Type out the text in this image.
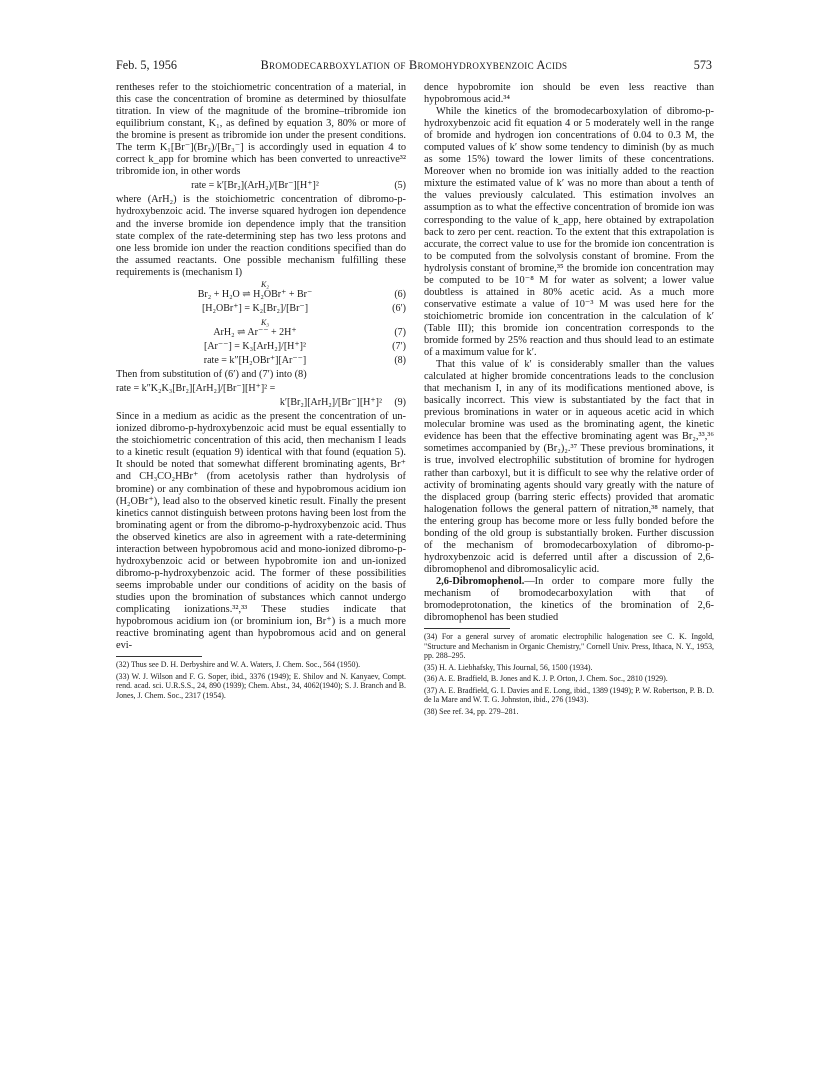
Feb. 5, 1956	Bromodecarboxylation of Bromohydroxybenzoic Acids	573

rentheses refer to the stoichiometric concentration of a material, in this case the concentration of bromine as determined by thiosulfate titration. In view of the magnitude of the bromine–tribromide ion equilibrium constant, K₁, as defined by equation 3, 80% or more of the bromine is present as tribromide ion under the present conditions. The term K₁[Br⁻](Br₂)/[Br₃⁻] is accordingly used in equation 4 to correct k_app for bromine which has been converted to unreactive³² tribromide ion, in other words

rate = k′[Br₂](ArH₂)/[Br⁻][H⁺]²	(5)

where (ArH₂) is the stoichiometric concentration of dibromo-p-hydroxybenzoic acid. The inverse squared hydrogen ion dependence and the inverse bromide ion dependence imply that the transition state complex of the rate-determining step has two less protons and one less bromide ion under the reaction conditions specified than do the assumed reactants. One possible mechanism fulfilling these requirements is (mechanism I)

K₂
Br₂ + H₂O ⇌ H₂OBr⁺ + Br⁻	(6)
[H₂OBr⁺] = K₂[Br₂]/[Br⁻]	(6′)
K₃
ArH₂ ⇌ Ar⁻⁻ + 2H⁺	(7)
[Ar⁻⁻] = K₃[ArH₂]/[H⁺]²	(7′)
rate = k″[H₂OBr⁺][Ar⁻⁻]	(8)

Then from substitution of (6′) and (7′) into (8)

rate = k″K₂K₃[Br₂][ArH₂]/[Br⁻][H⁺]² =
k′[Br₂][ArH₂]/[Br⁻][H⁺]²	(9)

Since in a medium as acidic as the present the concentration of un-ionized dibromo-p-hydroxybenzoic acid must be equal essentially to the stoichiometric concentration of this acid, then mechanism I leads to a kinetic result (equation 9) identical with that found (equation 5). It should be noted that somewhat different brominating agents, Br⁺ and CH₃CO₂HBr⁺ (from acetolysis rather than hydrolysis of bromine) or any combination of these and hypobromous acidium ion (H₂OBr⁺), lead also to the observed kinetic result. Finally the present kinetics cannot distinguish between protons having been lost from the brominating agent or from the dibromo-p-hydroxybenzoic acid. Thus the observed kinetics are also in agreement with a rate-determining interaction between hypobromous acid and mono-ionized dibromo-p-hydroxybenzoic acid or between hypobromite ion and un-ionized dibromo-p-hydroxybenzoic acid. The former of these possibilities seems improbable under our conditions of acidity on the basis of studies upon the bromination of substances which cannot undergo complicating ionizations.³²,³³ These studies indicate that hypobromous acidium ion (or brominium ion, Br⁺) is a much more reactive brominating agent than hypobromous acid and on general evi-

(32) Thus see D. H. Derbyshire and W. A. Waters, J. Chem. Soc., 564 (1950).
(33) W. J. Wilson and F. G. Soper, ibid., 3376 (1949); E. Shilov and N. Kanyaev, Compt. rend. acad. sci. U.R.S.S., 24, 890 (1939); Chem. Abst., 34, 4062(1940); S. J. Branch and B. Jones, J. Chem. Soc., 2317 (1954).

dence hypobromite ion should be even less reactive than hypobromous acid.³⁴

While the kinetics of the bromodecarboxylation of dibromo-p-hydroxybenzoic acid fit equation 4 or 5 moderately well in the range of bromide and hydrogen ion concentrations of 0.04 to 0.3 M, the computed values of k′ show some tendency to diminish (by as much as some 15%) toward the lower limits of these concentrations. Moreover when no bromide ion was initially added to the reaction mixture the estimated value of k′ was no more than about a tenth of the values previously calculated. This estimation involves an assumption as to what the effective concentration of bromide ion was corresponding to the value of k_app, here obtained by extrapolation back to zero per cent. reaction. To the extent that this extrapolation is accurate, the correct value to use for the bromide ion concentration is to be computed from the solvolysis constant of bromine. From the hydrolysis constant of bromine,³⁵ the bromide ion concentration may be computed to be 10⁻⁸ M for water as solvent; a lower value doubtless is attained in 80% acetic acid. As a much more conservative estimate a value of 10⁻³ M was used here for the stoichiometric bromide ion concentration in the calculation of k′ (Table III); this bromide ion concentration corresponds to the bromide formed by 25% reaction and thus should lead to an estimate of a maximum value for k′.

That this value of k′ is considerably smaller than the values calculated at higher bromide concentrations leads to the conclusion that mechanism I, in any of its modifications mentioned above, is basically incorrect. This view is substantiated by the fact that in previous brominations in water or in aqueous acetic acid in which molecular bromine was used as the brominating agent, the kinetic evidence has been that the effective brominating agent was Br₂,³³,³⁶ sometimes accompanied by (Br₂)₂.³⁷ These previous brominations, it is true, involved electrophilic substitution of bromine for hydrogen rather than carboxyl, but it is difficult to see why the relative order of activity of brominating agents should vary greatly with the nature of the displaced group (barring steric effects) provided that aromatic halogenation follows the general pattern of nitration,³⁸ namely, that the entering group has become more or less fully bonded before the bonding of the old group is substantially broken. Further discussion of the mechanism of bromodecarboxylation of dibromo-p-hydroxybenzoic acid is deferred until after a discussion of 2,6-dibromophenol and dibromosalicylic acid.

2,6-Dibromophenol.—In order to compare more fully the mechanism of bromodecarboxylation with that of bromodeprotonation, the kinetics of the bromination of 2,6-dibromophenol has been studied

(34) For a general survey of aromatic electrophilic halogenation see C. K. Ingold, "Structure and Mechanism in Organic Chemistry," Cornell Univ. Press, Ithaca, N. Y., 1953, pp. 288–295.
(35) H. A. Liebhafsky, This Journal, 56, 1500 (1934).
(36) A. E. Bradfield, B. Jones and K. J. P. Orton, J. Chem. Soc., 2810 (1929).
(37) A. E. Bradfield, G. I. Davies and E. Long, ibid., 1389 (1949); P. W. Robertson, P. B. D. de la Mare and W. T. G. Johnston, ibid., 276 (1943).
(38) See ref. 34, pp. 279–281.
